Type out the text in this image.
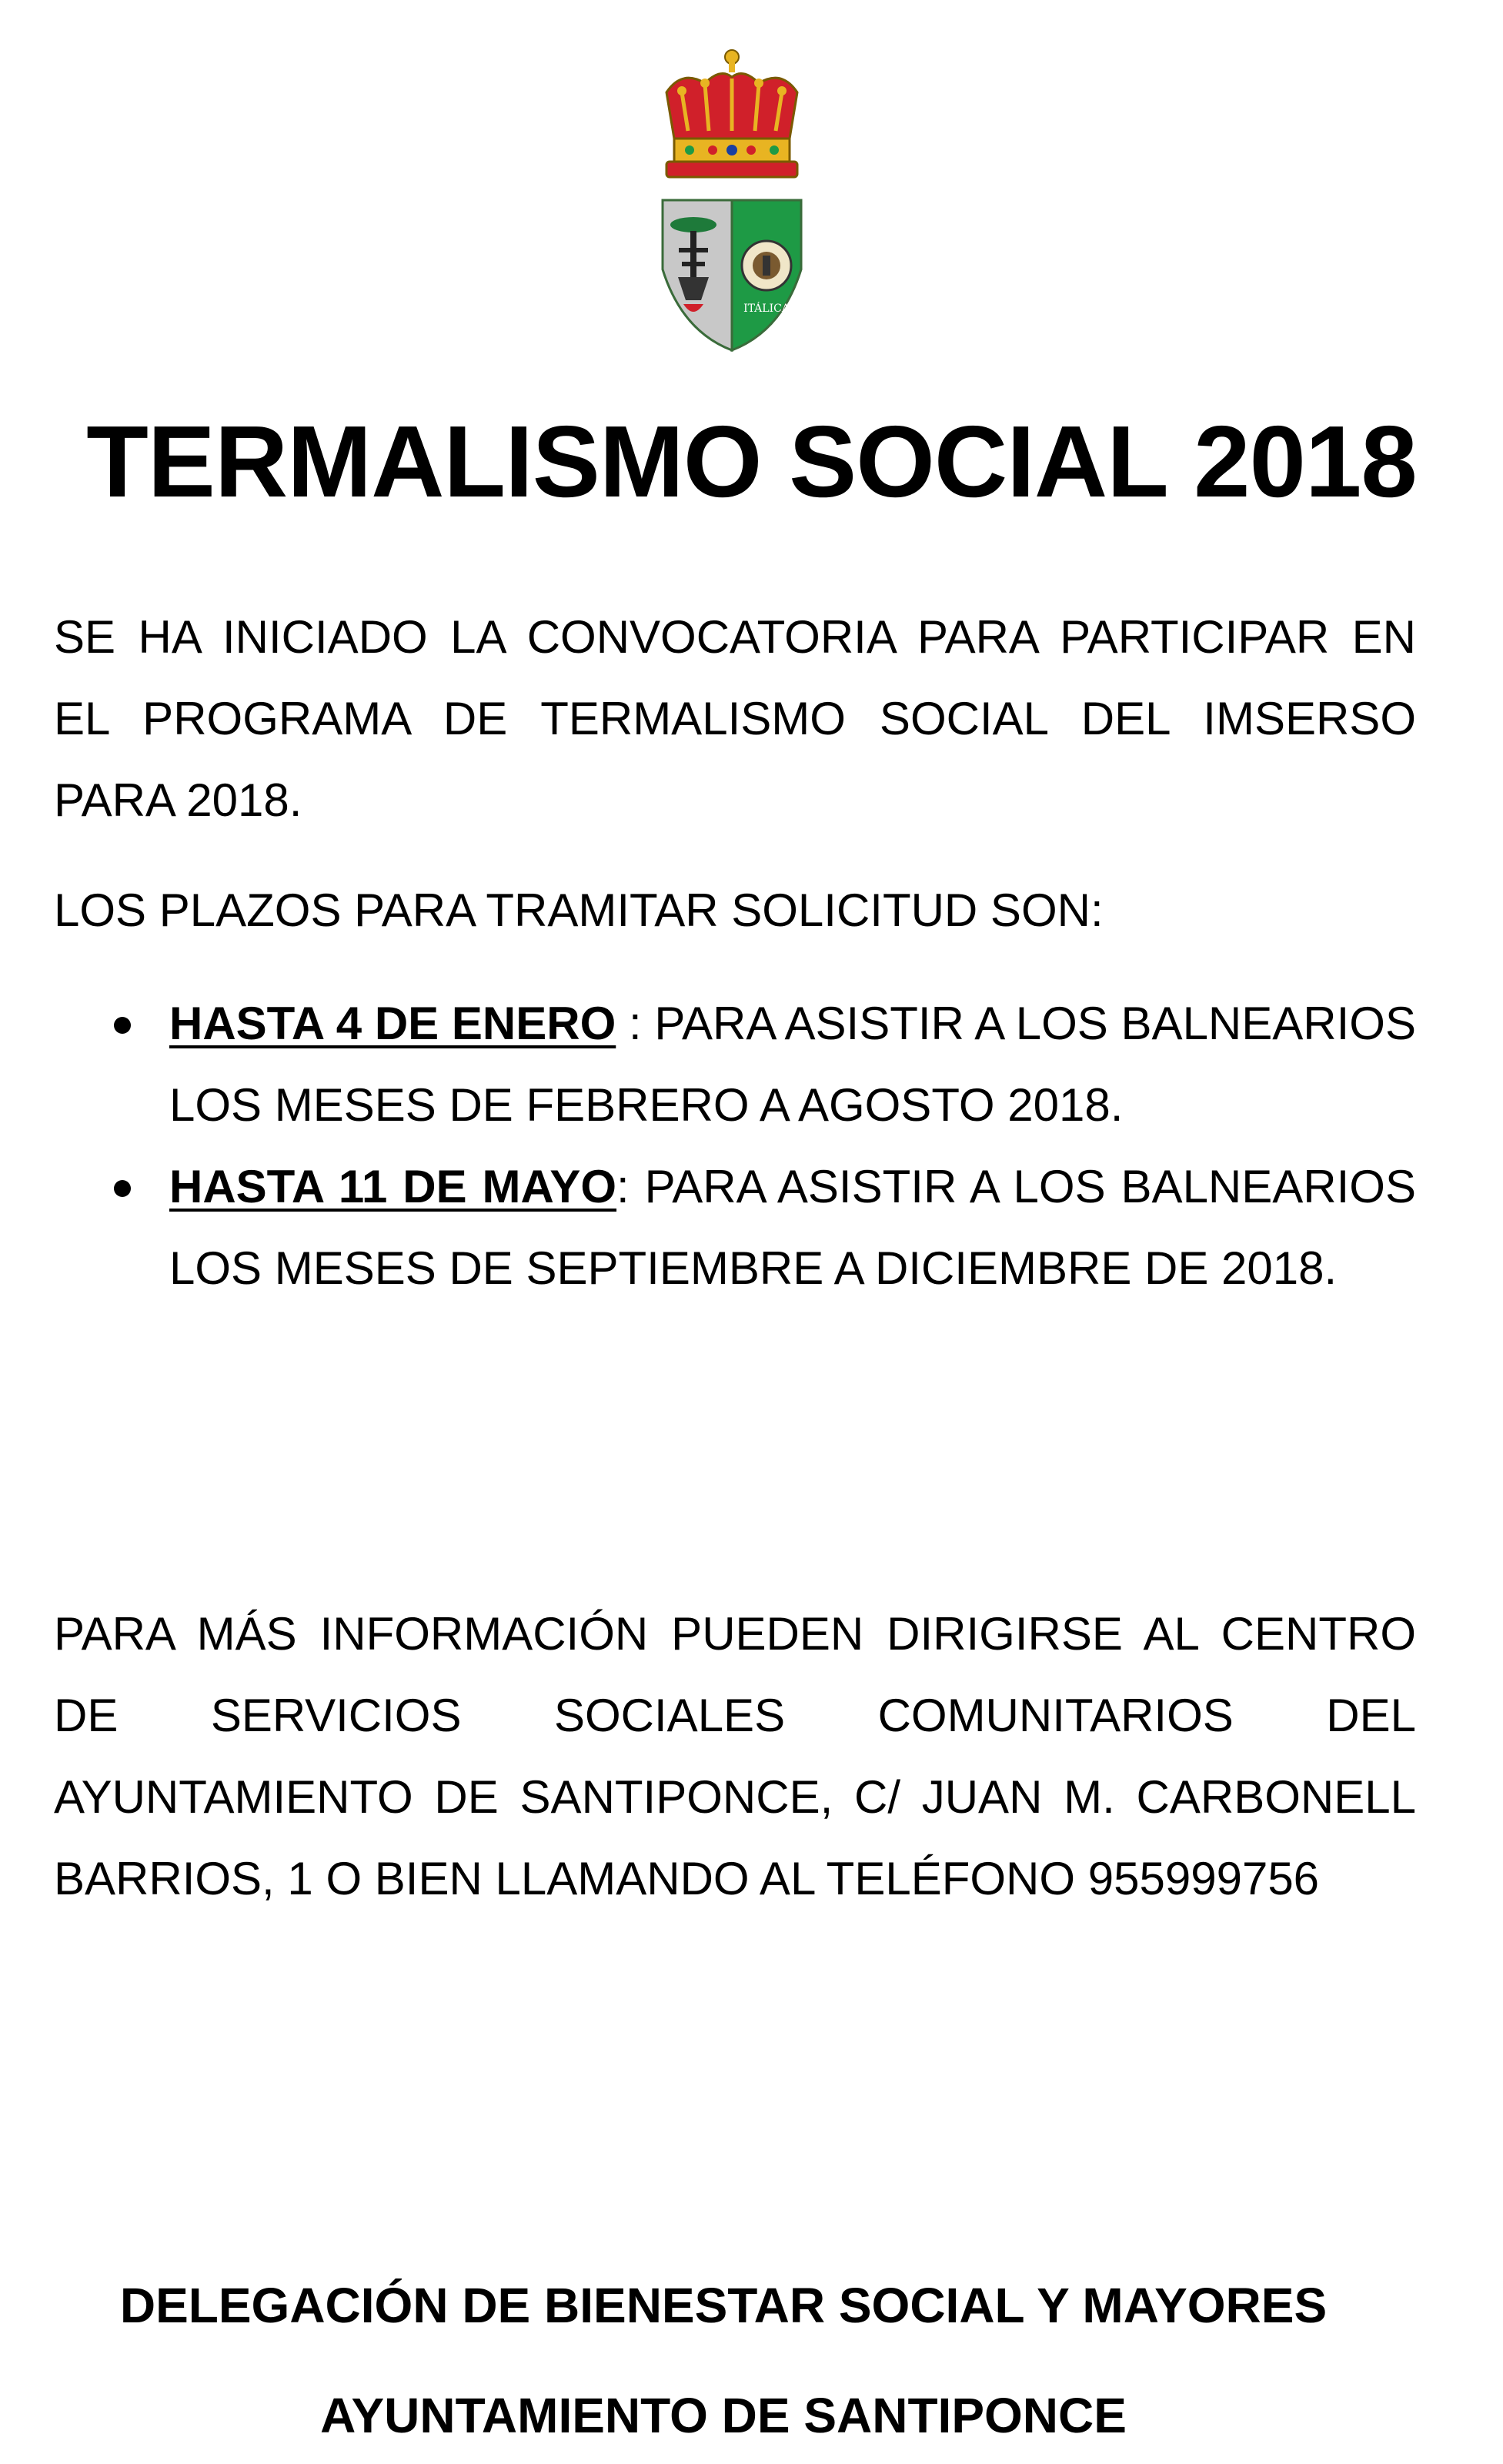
ITÁLICA
TERMALISMO SOCIAL 2018

SE HA INICIADO LA CONVOCATORIA PARA PARTICIPAR EN EL PROGRAMA DE TERMALISMO SOCIAL DEL IMSERSO PARA 2018.

LOS PLAZOS PARA TRAMITAR SOLICITUD SON:

HASTA 4 DE ENERO : PARA ASISTIR A LOS BALNEARIOS LOS MESES DE FEBRERO A AGOSTO 2018.
HASTA 11 DE MAYO: PARA ASISTIR A LOS BALNEARIOS LOS MESES DE SEPTIEMBRE A DICIEMBRE DE 2018.

PARA MÁS INFORMACIÓN PUEDEN DIRIGIRSE AL CENTRO DE SERVICIOS SOCIALES COMUNITARIOS DEL AYUNTAMIENTO DE SANTIPONCE, C/ JUAN M. CARBONELL BARRIOS, 1 O BIEN LLAMANDO AL TELÉFONO 955999756

DELEGACIÓN DE BIENESTAR SOCIAL Y MAYORES

AYUNTAMIENTO DE SANTIPONCE
